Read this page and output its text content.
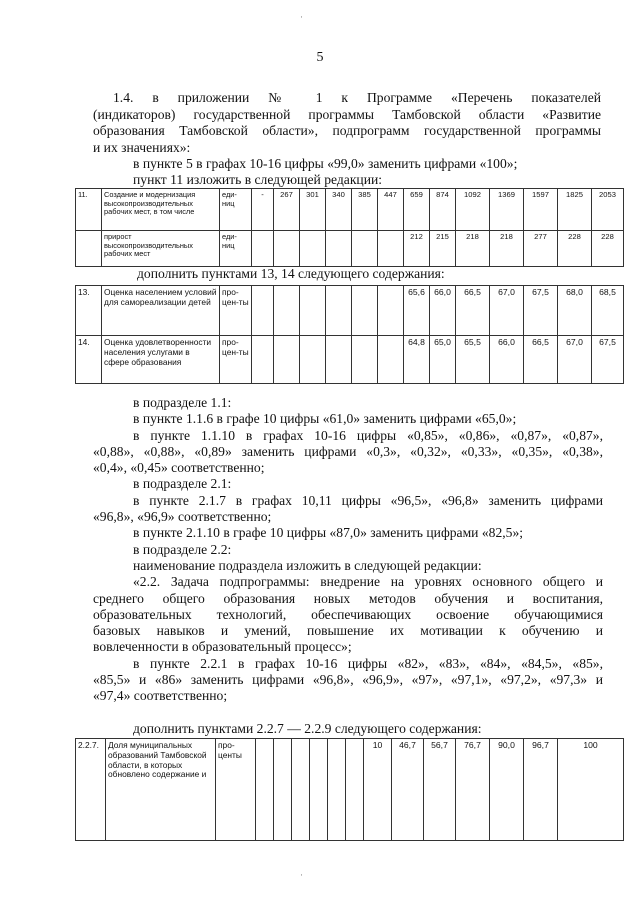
5
1.4. в приложении № 1 к Программе «Перечень показателей
(индикаторов) государственной программы Тамбовской области «Развитие
образования Тамбовской области», подпрограмм государственной программы
и их значениях»:
в пункте 5 в графах 10-16 цифры «99,0» заменить цифрами «100»;
пункт 11 изложить в следующей редакции:
11.	Создание и модернизация высокопроизводительных рабочих мест, в том числе	еди-ниц	-	267	301	340	385	447	659	874	1092	1369	1597	1825	2053
	прирост высокопроизводительных рабочих мест	еди-ниц							212	215	218	218	277	228	228
дополнить пунктами 13, 14 следующего содержания:
13.	Оценка населением условий для самореализации детей	про-цен-ты							65,6	66,0	66,5	67,0	67,5	68,0	68,5
14.	Оценка удовлетворенности населения услугами в сфере образования	про-цен-ты							64,8	65,0	65,5	66,0	66,5	67,0	67,5
в подразделе 1.1:
в пункте 1.1.6 в графе 10 цифры «61,0» заменить цифрами «65,0»;
в пункте 1.1.10 в графах 10-16 цифры «0,85», «0,86», «0,87», «0,87»,
«0,88», «0,88», «0,89» заменить цифрами «0,3», «0,32», «0,33», «0,35», «0,38»,
«0,4», «0,45» соответственно;
в подразделе 2.1:
в пункте 2.1.7 в графах 10,11 цифры «96,5», «96,8» заменить цифрами
«96,8», «96,9» соответственно;
в пункте 2.1.10 в графе 10 цифры «87,0» заменить цифрами «82,5»;
в подразделе 2.2:
наименование подраздела изложить в следующей редакции:
«2.2. Задача подпрограммы: внедрение на уровнях основного общего и
среднего общего образования новых методов обучения и воспитания,
образовательных технологий, обеспечивающих освоение обучающимися
базовых навыков и умений, повышение их мотивации к обучению и
вовлеченности в образовательный процесс»;
в пункте 2.2.1 в графах 10-16 цифры «82», «83», «84», «84,5», «85»,
«85,5» и «86» заменить цифрами «96,8», «96,9», «97», «97,1», «97,2», «97,3» и
«97,4» соответственно;
дополнить пунктами 2.2.7 — 2.2.9 следующего содержания:
2.2.7.	Доля муниципальных образований Тамбовской области, в которых обновлено содержание и	про-центы							10	46,7	56,7	76,7	90,0	96,7	100
·
·
